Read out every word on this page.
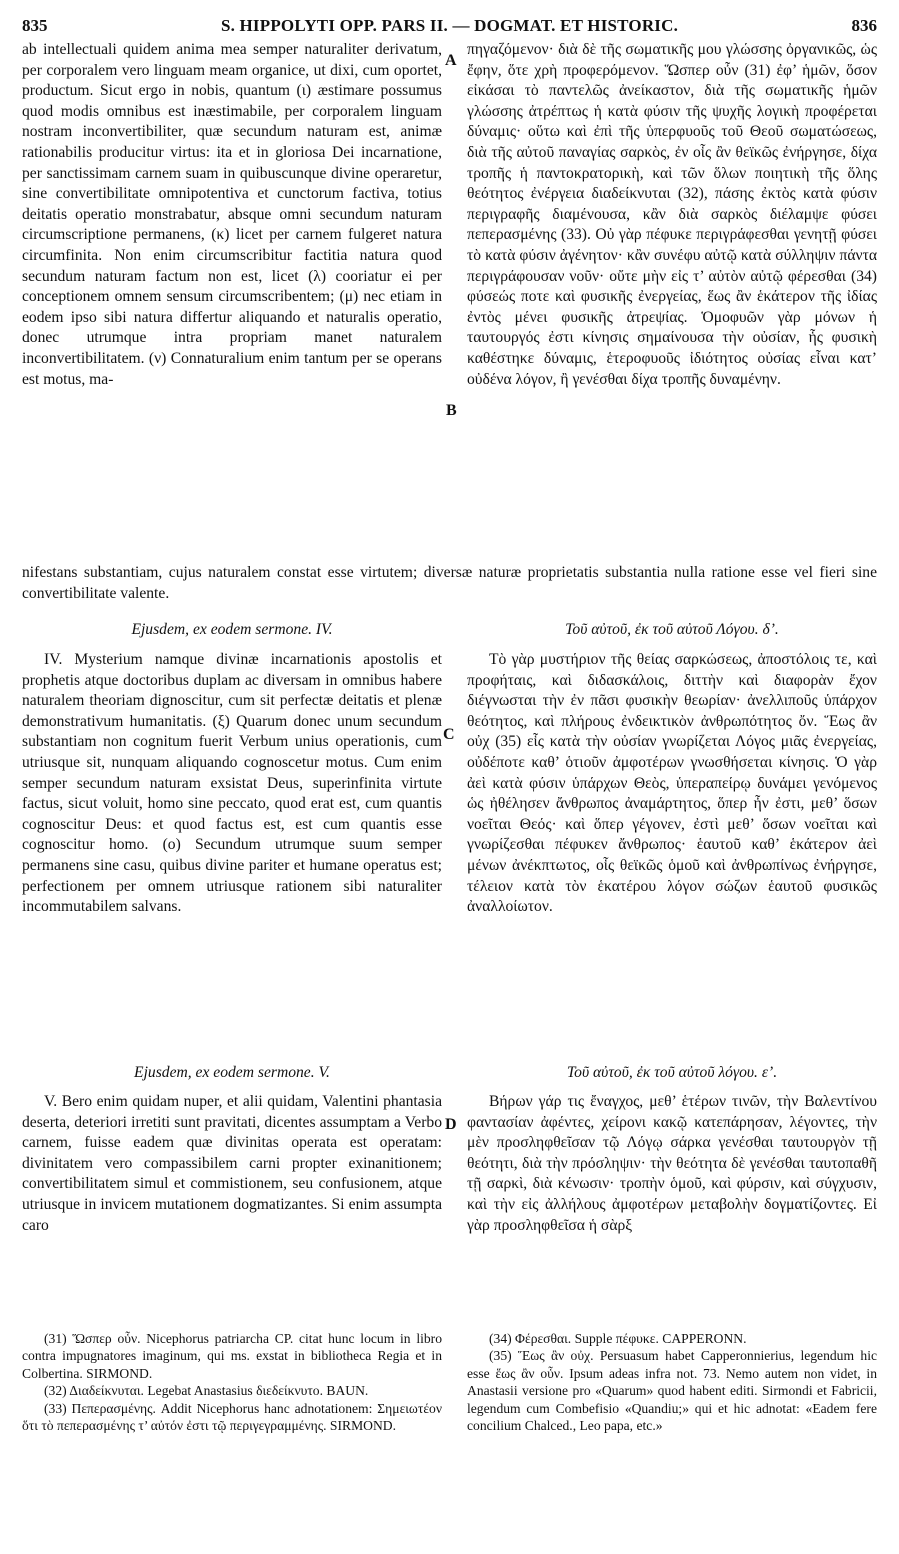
835	S. HIPPOLYTI OPP. PARS II. — DOGMAT. ET HISTORIC.	836

ab intellectuali quidem anima mea semper naturaliter derivatum, per corporalem vero linguam meam organice, ut dixi, cum oportet, productum. Sicut ergo in nobis, quantum (ι) æstimare possumus quod modis omnibus est inæstimabile, per corporalem linguam nostram inconvertibiliter, quæ secundum naturam est, animæ rationabilis producitur virtus: ita et in gloriosa Dei incarnatione, per sanctissimam carnem suam in quibuscunque divine operaretur, sine convertibilitate omnipotentiva et cunctorum factiva, totius deitatis operatio monstrabatur, absque omni secundum naturam circumscriptione permanens, (κ) licet per carnem fulgeret natura circumfinita. Non enim circumscribitur factitia natura quod secundum naturam factum non est, licet (λ) cooriatur ei per conceptionem omnem sensum circumscribentem; (μ) nec etiam in eodem ipso sibi natura differtur aliquando et naturalis operatio, donec utrumque intra propriam manet naturalem inconvertibilitatem. (ν) Connaturalium enim tantum per se operans est motus, ma-

A

πηγαζόμενον· διὰ δὲ τῆς σωματικῆς μου γλώσσης ὀργανικῶς, ὡς ἔφην, ὅτε χρὴ προφερόμενον. Ὥσπερ οὖν (31) ἐφ’ ἡμῶν, ὅσον εἰκάσαι τὸ παντελῶς ἀνείκαστον, διὰ τῆς σωματικῆς ἡμῶν γλώσσης ἀτρέπτως ἡ κατὰ φύσιν τῆς ψυχῆς λογικὴ προφέρεται δύναμις· οὕτω καὶ ἐπὶ τῆς ὑπερφυοῦς τοῦ Θεοῦ σωματώσεως, διὰ τῆς αὐτοῦ παναγίας σαρκὸς, ἐν οἷς ἂν θεϊκῶς ἐνήργησε, δίχα τροπῆς ἡ παντοκρατορικὴ, καὶ τῶν ὅλων ποιητικὴ τῆς ὅλης θεότητος ἐνέργεια διαδείκνυται (32), πάσης ἐκτὸς κατὰ φύσιν περιγραφῆς διαμένουσα, κἂν διὰ σαρκὸς διέλαμψε φύσει πεπερασμένης (33). Οὐ γὰρ πέφυκε περιγράφεσθαι γενητῇ φύσει τὸ κατὰ φύσιν ἀγένητον· κἂν συνέφυ αὐτῷ κατὰ σύλληψιν πάντα περιγράφουσαν νοῦν· οὔτε μὴν εἰς τ’ αὐτὸν αὐτῷ φέρεσθαι (34) φύσεώς ποτε καὶ φυσικῆς ἐνεργείας, ἕως ἂν ἑκάτερον τῆς ἰδίας ἐντὸς μένει φυσικῆς ἀτρεψίας. Ὁμοφυῶν γὰρ μόνων ἡ ταυτουργός ἐστι κίνησις σημαίνουσα τὴν οὐσίαν, ἧς φυσικὴ καθέστηκε δύναμις, ἑτεροφυοῦς ἰδιότητος οὐσίας εἶναι κατ’ οὐδένα λόγον, ἢ γενέσθαι δίχα τροπῆς δυναμένην.

B

nifestans substantiam, cujus naturalem constat esse virtutem; diversæ naturæ proprietatis substantia nulla ratione esse vel fieri sine convertibilitate valente.

Ejusdem, ex eodem sermone. IV.	Τοῦ αὐτοῦ, ἐκ τοῦ αὐτοῦ Λόγου. δ’.

IV. Mysterium namque divinæ incarnationis apostolis et prophetis atque doctoribus duplam ac diversam in omnibus habere naturalem theoriam dignoscitur, cum sit perfectæ deitatis et plenæ demonstrativum humanitatis. (ξ) Quarum donec unum secundum substantiam non cognitum fuerit Verbum unius operationis, cum utriusque sit, nunquam aliquando cognoscetur motus. Cum enim semper secundum naturam exsistat Deus, superinfinita virtute factus, sicut voluit, homo sine peccato, quod erat est, cum quantis cognoscitur Deus: et quod factus est, est cum quantis esse cognoscitur homo. (ο) Secundum utrumque suum semper permanens sine casu, quibus divine pariter et humane operatus est; perfectionem per omnem utriusque rationem sibi naturaliter incommutabilem salvans.

C

Τὸ γὰρ μυστήριον τῆς θείας σαρκώσεως, ἀποστόλοις τε, καὶ προφήταις, καὶ διδασκάλοις, διττὴν καὶ διαφορὰν ἔχον διέγνωσται τὴν ἐν πᾶσι φυσικὴν θεωρίαν· ἀνελλιποῦς ὑπάρχον θεότητος, καὶ πλήρους ἐνδεικτικὸν ἀνθρωπότητος ὄν. Ἕως ἂν οὐχ (35) εἷς κατὰ τὴν οὐσίαν γνωρίζεται Λόγος μιᾶς ἐνεργείας, οὐδέποτε καθ’ ὁτιοῦν ἀμφοτέρων γνωσθήσεται κίνησις. Ὁ γὰρ ἀεὶ κατὰ φύσιν ὑπάρχων Θεὸς, ὑπεραπείρῳ δυνάμει γενόμενος ὡς ἠθέλησεν ἄνθρωπος ἀναμάρτητος, ὅπερ ἦν ἐστι, μεθ’ ὅσων νοεῖται Θεός· καὶ ὅπερ γέγονεν, ἐστὶ μεθ’ ὅσων νοεῖται καὶ γνωρίζεσθαι πέφυκεν ἄνθρωπος· ἑαυτοῦ καθ’ ἑκάτερον ἀεὶ μένων ἀνέκπτωτος, οἷς θεϊκῶς ὁμοῦ καὶ ἀνθρωπίνως ἐνήργησε, τέλειον κατὰ τὸν ἑκατέρου λόγον σώζων ἑαυτοῦ φυσικῶς ἀναλλοίωτον.

Ejusdem, ex eodem sermone. V.	Τοῦ αὐτοῦ, ἐκ τοῦ αὐτοῦ λόγου. ε’.

V. Bero enim quidam nuper, et alii quidam, Valentini phantasia deserta, deteriori irretiti sunt pravitati, dicentes assumptam a Verbo carnem, fuisse eadem quæ divinitas operata est operatam: divinitatem vero compassibilem carni propter exinanitionem; convertibilitatem simul et commistionem, seu confusionem, atque utriusque in invicem mutationem dogmatizantes. Si enim assumpta caro

D

Βήρων γάρ τις ἔναγχος, μεθ’ ἑτέρων τινῶν, τὴν Βαλεντίνου φαντασίαν ἀφέντες, χείρονι κακῷ κατεπάρησαν, λέγοντες, τὴν μὲν προσληφθεῖσαν τῷ Λόγῳ σάρκα γενέσθαι ταυτουργὸν τῇ θεότητι, διὰ τὴν πρόσληψιν· τὴν θεότητα δὲ γενέσθαι ταυτοπαθῆ τῇ σαρκὶ, διὰ κένωσιν· τροπὴν ὁμοῦ, καὶ φύρσιν, καὶ σύγχυσιν, καὶ τὴν εἰς ἀλλήλους ἀμφοτέρων μεταβολὴν δογματίζοντες. Εἰ γὰρ προσληφθεῖσα ἡ σὰρξ

(31) Ὥσπερ οὖν. Nicephorus patriarcha CP. citat hunc locum in libro contra impugnatores imaginum, qui ms. exstat in bibliotheca Regia et in Colbertina. SIRMOND.

(32) Διαδείκνυται. Legebat Anastasius διεδείκνυτο. BAUN.

(33) Πεπερασμένης. Addit Nicephorus hanc adnotationem: Σημειωτέον ὅτι τὸ πεπερασμένης τ’ αὐτόν ἐστι τῷ περιγεγραμμένης. SIRMOND.

(34) Φέρεσθαι. Supple πέφυκε. CAPPERONN.

(35) Ἕως ἂν οὐχ. Persuasum habet Capperonnierius, legendum hic esse ἕως ἂν οὖν. Ipsum adeas infra not. 73. Nemo autem non videt, in Anastasii versione pro «Quarum» quod habent editi. Sirmondi et Fabricii, legendum cum Combefisio «Quandiu;» qui et hic adnotat: «Eadem fere concilium Chalced., Leo papa, etc.»
